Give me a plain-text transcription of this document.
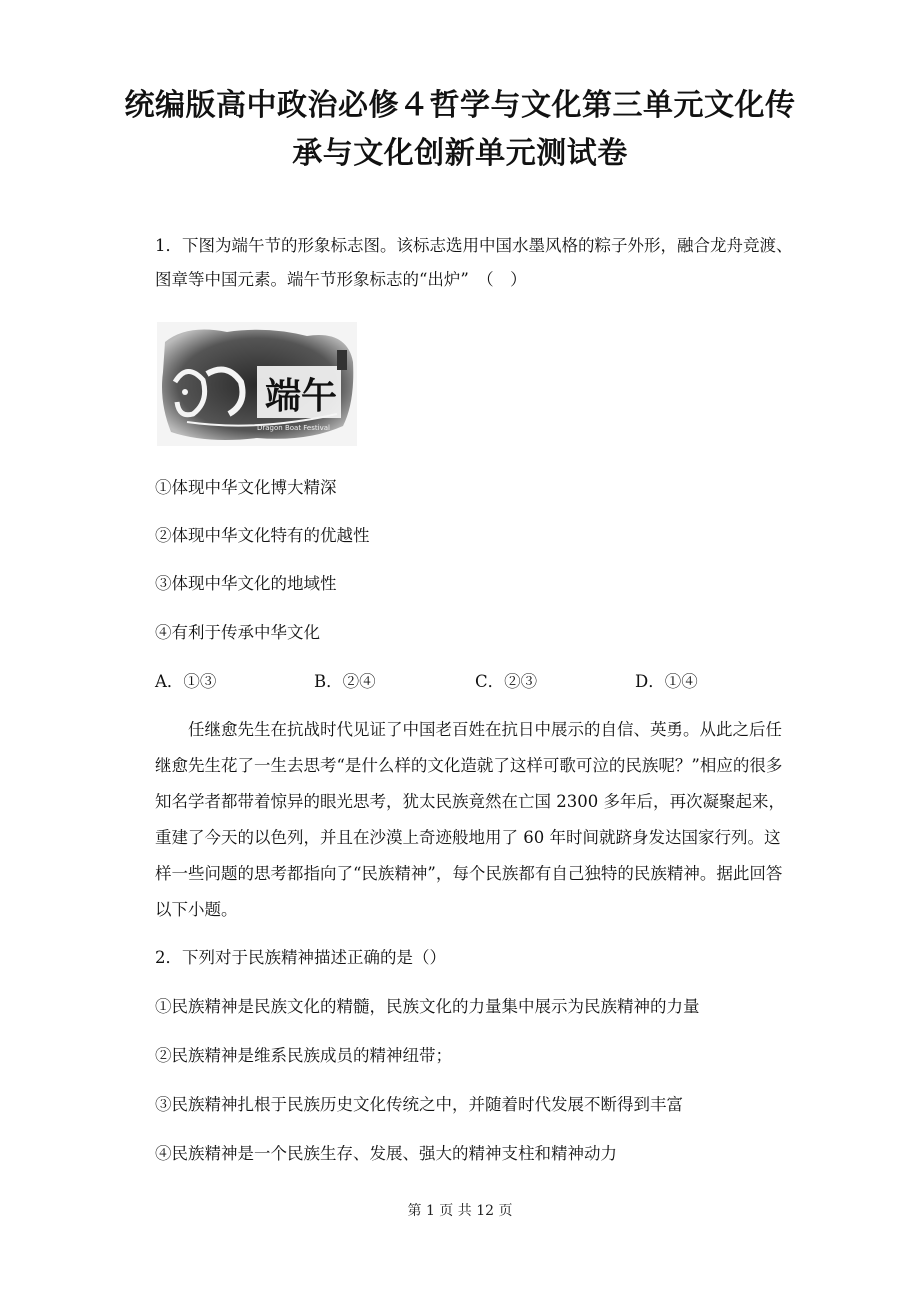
统编版高中政治必修４哲学与文化第三单元文化传
承与文化创新单元测试卷
1．下图为端午节的形象标志图。该标志选用中国水墨风格的粽子外形，融合龙舟竞渡、
图章等中国元素。端午节形象标志的“出炉”　（　）
端午
Dragon Boat Festival
①体现中华文化博大精深
②体现中华文化特有的优越性
③体现中华文化的地域性
④有利于传承中华文化
A．①③	B．②④	C．②③	D．①④
任继愈先生在抗战时代见证了中国老百姓在抗日中展示的自信、英勇。从此之后任
继愈先生花了一生去思考“是什么样的文化造就了这样可歌可泣的民族呢？”相应的很多
知名学者都带着惊异的眼光思考，犹太民族竟然在亡国 2300 多年后，再次凝聚起来，
重建了今天的以色列，并且在沙漠上奇迹般地用了 60 年时间就跻身发达国家行列。这
样一些问题的思考都指向了“民族精神”，每个民族都有自己独特的民族精神。据此回答
以下小题。
2．下列对于民族精神描述正确的是（）
①民族精神是民族文化的精髓，民族文化的力量集中展示为民族精神的力量
②民族精神是维系民族成员的精神纽带；
③民族精神扎根于民族历史文化传统之中，并随着时代发展不断得到丰富
④民族精神是一个民族生存、发展、强大的精神支柱和精神动力
第 1 页 共 12 页
